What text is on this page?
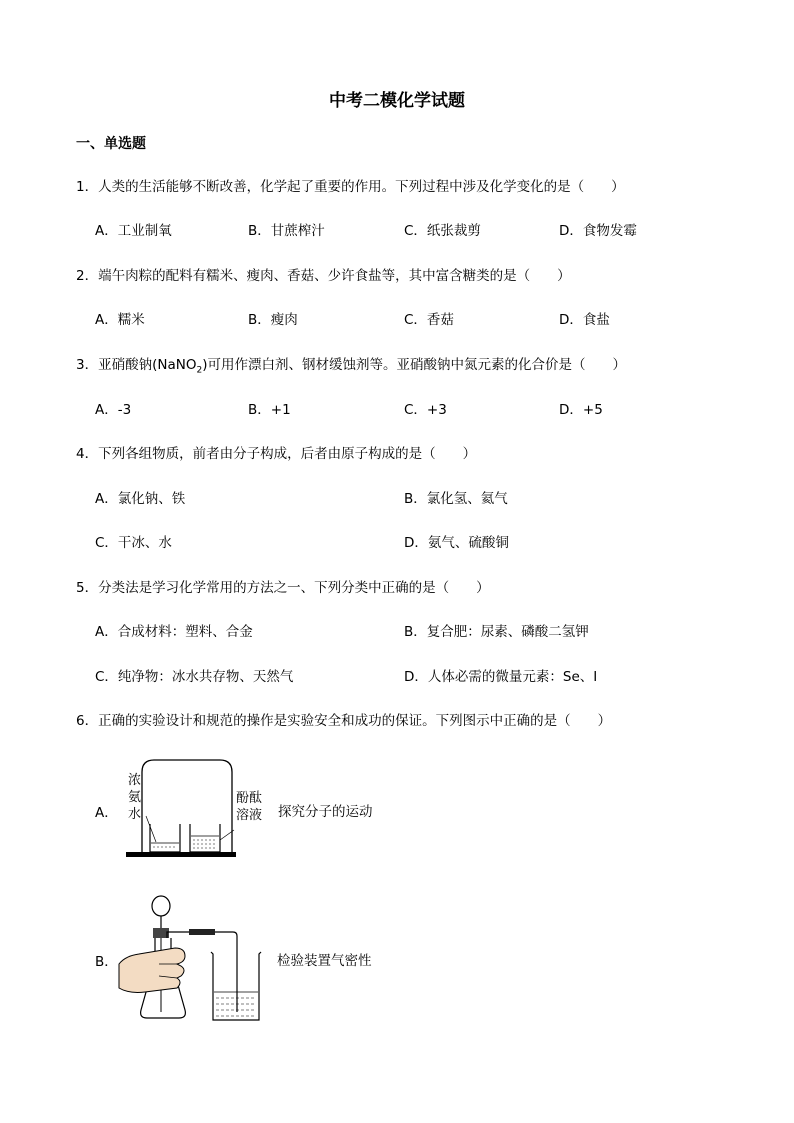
中考二模化学试题
一、单选题
1．人类的生活能够不断改善，化学起了重要的作用。下列过程中涉及化学变化的是（　　）
A．工业制氧	B．甘蔗榨汁	C．纸张裁剪	D．食物发霉
2．端午肉粽的配料有糯米、瘦肉、香菇、少许食盐等，其中富含糖类的是（　　）
A．糯米	B．瘦肉	C．香菇	D．食盐
3．亚硝酸钠(NaNO$_2$)可用作漂白剂、钢材缓蚀剂等。亚硝酸钠中氮元素的化合价是（　　）
A．-3	B．+1	C．+3	D．+5
4．下列各组物质，前者由分子构成，后者由原子构成的是（　　）
A．氯化钠、铁	B．氯化氢、氦气
C．干冰、水	D．氨气、硫酸铜
5．分类法是学习化学常用的方法之一、下列分类中正确的是（　　）
A．合成材料：塑料、合金	B．复合肥：尿素、磷酸二氢钾
C．纯净物：冰水共存物、天然气	D．人体必需的微量元素：Se、I
6．正确的实验设计和规范的操作是实验安全和成功的保证。下列图示中正确的是（　　）
A．	探究分子的运动
浓
氨
水
酚酞
溶液
B．	检验装置气密性
